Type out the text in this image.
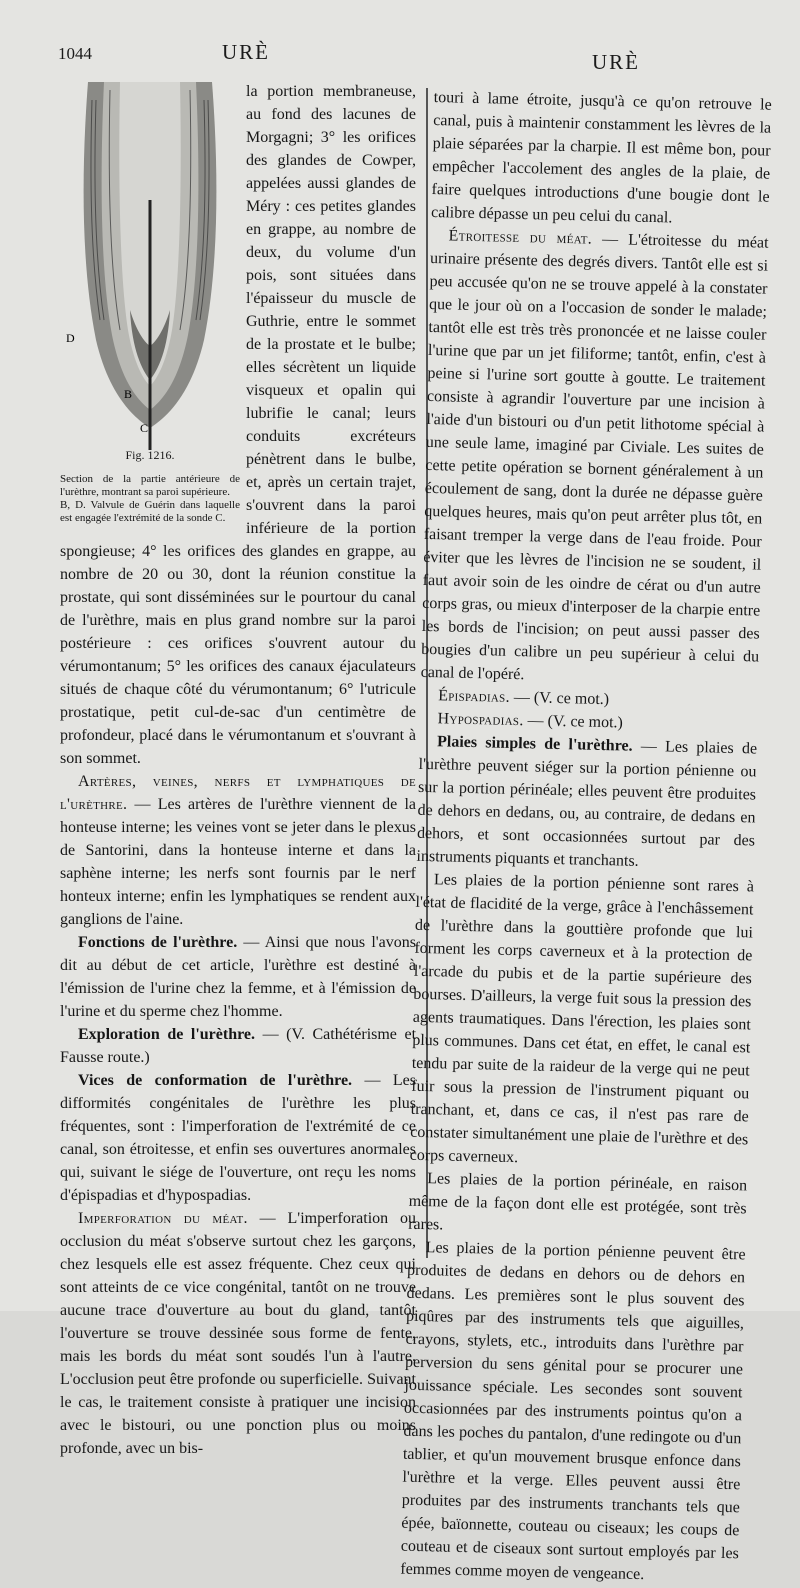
1044	URÈ	URÈ
D
B
C
Fig. 1216.
Section de la partie antérieure de l'urèthre, montrant sa paroi supérieure.
B, D. Valvule de Guérin dans laquelle est engagée l'extrémité de la sonde C.

la portion membraneuse, au fond des lacunes de Morgagni; 3° les orifices des glandes de Cowper, appelées aussi glandes de Méry : ces petites glandes en grappe, au nombre de deux, du volume d'un pois, sont situées dans l'épaisseur du muscle de Guthrie, entre le sommet de la prostate et le bulbe; elles sécrètent un liquide visqueux et opalin qui lubrifie le canal; leurs conduits excréteurs pénètrent dans le bulbe, et, après un certain trajet, s'ouvrent dans la paroi inférieure de la portion spongieuse; 4° les orifices des glandes en grappe, au nombre de 20 ou 30, dont la réunion constitue la prostate, qui sont disséminées sur le pourtour du canal de l'urèthre, mais en plus grand nombre sur la paroi postérieure : ces orifices s'ouvrent autour du vérumontanum; 5° les orifices des canaux éjaculateurs situés de chaque côté du vérumontanum; 6° l'utricule prostatique, petit cul-de-sac d'un centimètre de profondeur, placé dans le vérumontanum et s'ouvrant à son sommet.

Artères, veines, nerfs et lymphatiques de l'urèthre. — Les artères de l'urèthre viennent de la honteuse interne; les veines vont se jeter dans le plexus de Santorini, dans la honteuse interne et dans la saphène interne; les nerfs sont fournis par le nerf honteux interne; enfin les lymphatiques se rendent aux ganglions de l'aine.

Fonctions de l'urèthre. — Ainsi que nous l'avons dit au début de cet article, l'urèthre est destiné à l'émission de l'urine chez la femme, et à l'émission de l'urine et du sperme chez l'homme.

Exploration de l'urèthre. — (V. Cathétérisme et Fausse route.)

Vices de conformation de l'urèthre. — Les difformités congénitales de l'urèthre les plus fréquentes, sont : l'imperforation de l'extrémité de ce canal, son étroitesse, et enfin ses ouvertures anormales qui, suivant le siége de l'ouverture, ont reçu les noms d'épispadias et d'hypospadias.

Imperforation du méat. — L'imperforation ou occlusion du méat s'observe surtout chez les garçons, chez lesquels elle est assez fréquente. Chez ceux qui sont atteints de ce vice congénital, tantôt on ne trouve aucune trace d'ouverture au bout du gland, tantôt l'ouverture se trouve dessinée sous forme de fente, mais les bords du méat sont soudés l'un à l'autre. L'occlusion peut être profonde ou superficielle. Suivant le cas, le traitement consiste à pratiquer une incision avec le bistouri, ou une ponction plus ou moins profonde, avec un bis-

touri à lame étroite, jusqu'à ce qu'on retrouve le canal, puis à maintenir constamment les lèvres de la plaie séparées par la charpie. Il est même bon, pour empêcher l'accolement des angles de la plaie, de faire quelques introductions d'une bougie dont le calibre dépasse un peu celui du canal.

Étroitesse du méat. — L'étroitesse du méat urinaire présente des degrés divers. Tantôt elle est si peu accusée qu'on ne se trouve appelé à la constater que le jour où on a l'occasion de sonder le malade; tantôt elle est très très prononcée et ne laisse couler l'urine que par un jet filiforme; tantôt, enfin, c'est à peine si l'urine sort goutte à goutte. Le traitement consiste à agrandir l'ouverture par une incision à l'aide d'un bistouri ou d'un petit lithotome spécial à une seule lame, imaginé par Civiale. Les suites de cette petite opération se bornent généralement à un écoulement de sang, dont la durée ne dépasse guère quelques heures, mais qu'on peut arrêter plus tôt, en faisant tremper la verge dans de l'eau froide. Pour éviter que les lèvres de l'incision ne se soudent, il faut avoir soin de les oindre de cérat ou d'un autre corps gras, ou mieux d'interposer de la charpie entre les bords de l'incision; on peut aussi passer des bougies d'un calibre un peu supérieur à celui du canal de l'opéré.

Épispadias. — (V. ce mot.)

Hypospadias. — (V. ce mot.)

Plaies simples de l'urèthre. — Les plaies de l'urèthre peuvent siéger sur la portion pénienne ou sur la portion périnéale; elles peuvent être produites de dehors en dedans, ou, au contraire, de dedans en dehors, et sont occasionnées surtout par des instruments piquants et tranchants.

Les plaies de la portion pénienne sont rares à l'état de flacidité de la verge, grâce à l'enchâssement de l'urèthre dans la gouttière profonde que lui forment les corps caverneux et à la protection de l'arcade du pubis et de la partie supérieure des bourses. D'ailleurs, la verge fuit sous la pression des agents traumatiques. Dans l'érection, les plaies sont plus communes. Dans cet état, en effet, le canal est tendu par suite de la raideur de la verge qui ne peut fuir sous la pression de l'instrument piquant ou tranchant, et, dans ce cas, il n'est pas rare de constater simultanément une plaie de l'urèthre et des corps caverneux.

Les plaies de la portion périnéale, en raison même de la façon dont elle est protégée, sont très rares.

Les plaies de la portion pénienne peuvent être produites de dedans en dehors ou de dehors en dedans. Les premières sont le plus souvent des piqûres par des instruments tels que aiguilles, crayons, stylets, etc., introduits dans l'urèthre par perversion du sens génital pour se procurer une jouissance spéciale. Les secondes sont souvent occasionnées par des instruments pointus qu'on a dans les poches du pantalon, d'une redingote ou d'un tablier, et qu'un mouvement brusque enfonce dans l'urèthre et la verge. Elles peuvent aussi être produites par des instruments tranchants tels que épée, baïonnette, couteau ou ciseaux; les coups de couteau et de ciseaux sont surtout employés par les femmes comme moyen de vengeance.
